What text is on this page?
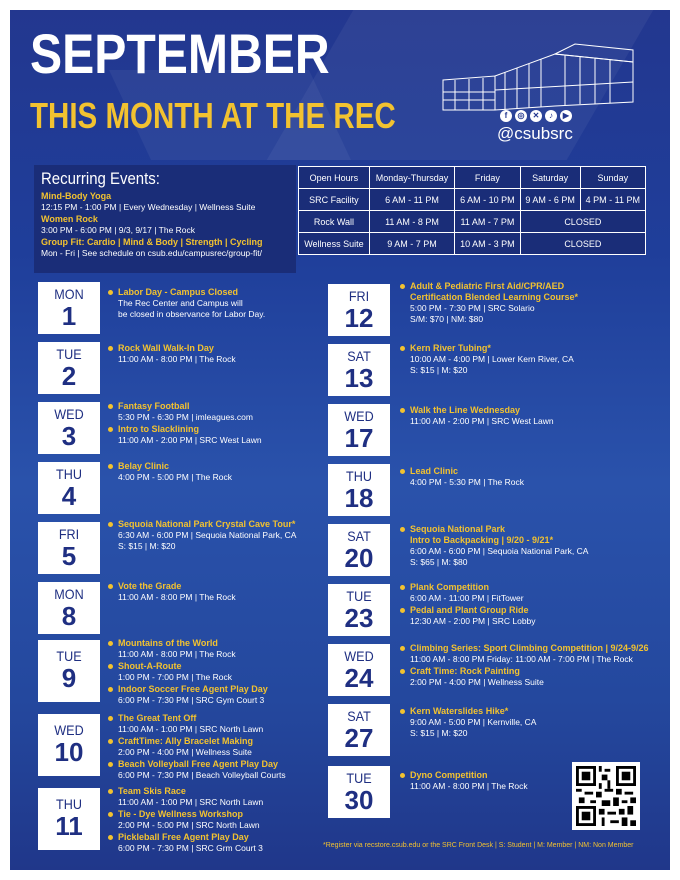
SEPTEMBER
THIS MONTH AT THE REC	f	◎	✕	♪	▶
@csubsrc
Recurring Events:
Mind-Body Yoga
12:15 PM - 1:00 PM | Every Wednesday | Wellness Suite
Women Rock
3:00 PM - 6:00 PM | 9/3, 9/17 | The Rock
Group Fit: Cardio | Mind & Body | Strength | Cycling
Mon - Fri | See schedule on csub.edu/campusrec/group-fit/
Open Hours	Monday-Thursday	Friday	Saturday	Sunday
SRC Facility	6 AM - 11 PM	6 AM - 10 PM	9 AM - 6 PM	4 PM - 11 PM
Rock Wall	11 AM - 8 PM	11 AM - 7 PM	CLOSED	
Wellness Suite	9 AM - 7 PM	10 AM - 3 PM	CLOSED	
MON
1
Labor Day - Campus Closed
The Rec Center and Campus will
be closed in observance for Labor Day.
TUE
2
Rock Wall Walk-In Day
11:00 AM - 8:00 PM | The Rock
WED
3
Fantasy Football
5:30 PM - 6:30 PM | imleagues.com
Intro to Slacklining
11:00 AM - 2:00 PM | SRC West Lawn
THU
4
Belay Clinic
4:00 PM - 5:00 PM | The Rock
FRI
5
Sequoia National Park Crystal Cave Tour*
6:30 AM - 6:00 PM | Sequoia National Park, CA
S: $15 | M: $20
MON
8
Vote the Grade
11:00 AM - 8:00 PM | The Rock
TUE
9
Mountains of the World
11:00 AM - 8:00 PM | The Rock
Shout-A-Route
1:00 PM - 7:00 PM | The Rock
Indoor Soccer Free Agent Play Day
6:00 PM - 7:30 PM | SRC Gym Court 3
WED
10
The Great Tent Off
11:00 AM - 1:00 PM | SRC North Lawn
CraftTime: Ally Bracelet Making
2:00 PM - 4:00 PM | Wellness Suite
Beach Volleyball Free Agent Play Day
6:00 PM - 7:30 PM | Beach Volleyball Courts
THU
11
Team Skis Race
11:00 AM - 1:00 PM | SRC North Lawn
Tie - Dye Wellness Workshop
2:00 PM - 5:00 PM | SRC North Lawn
Pickleball Free Agent Play Day
6:00 PM - 7:30 PM | SRC Grm Court 3
FRI
12
Adult & Pediatric First Aid/CPR/AED
Certification Blended Learning Course*
5:00 PM - 7:30 PM | SRC Solario
S/M: $70 | NM: $80
SAT
13
Kern River Tubing*
10:00 AM - 4:00 PM | Lower Kern River, CA
S: $15 | M: $20
WED
17
Walk the Line Wednesday
11:00 AM - 2:00 PM | SRC West Lawn
THU
18
Lead Clinic
4:00 PM - 5:30 PM | The Rock
SAT
20
Sequoia National Park
Intro to Backpacking | 9/20 - 9/21*
6:00 AM - 6:00 PM | Sequoia National Park, CA
S: $65 | M: $80
TUE
23
Plank Competition
6:00 AM - 11:00 PM | FitTower
Pedal and Plant Group Ride
12:30 AM - 2:00 PM | SRC Lobby
WED
24
Climbing Series: Sport Climbing Competition | 9/24-9/26
11:00 AM - 8:00 PM Friday: 11:00 AM - 7:00 PM | The Rock
Craft Time: Rock Painting
2:00 PM - 4:00 PM | Wellness Suite
SAT
27
Kern Waterslides Hike*
9:00 AM - 5:00 PM | Kernville, CA
S: $15 | M: $20
TUE
30
Dyno Competition
11:00 AM - 8:00 PM | The Rock
*Register via recstore.csub.edu or the SRC Front Desk | S: Student | M: Member | NM: Non Member
